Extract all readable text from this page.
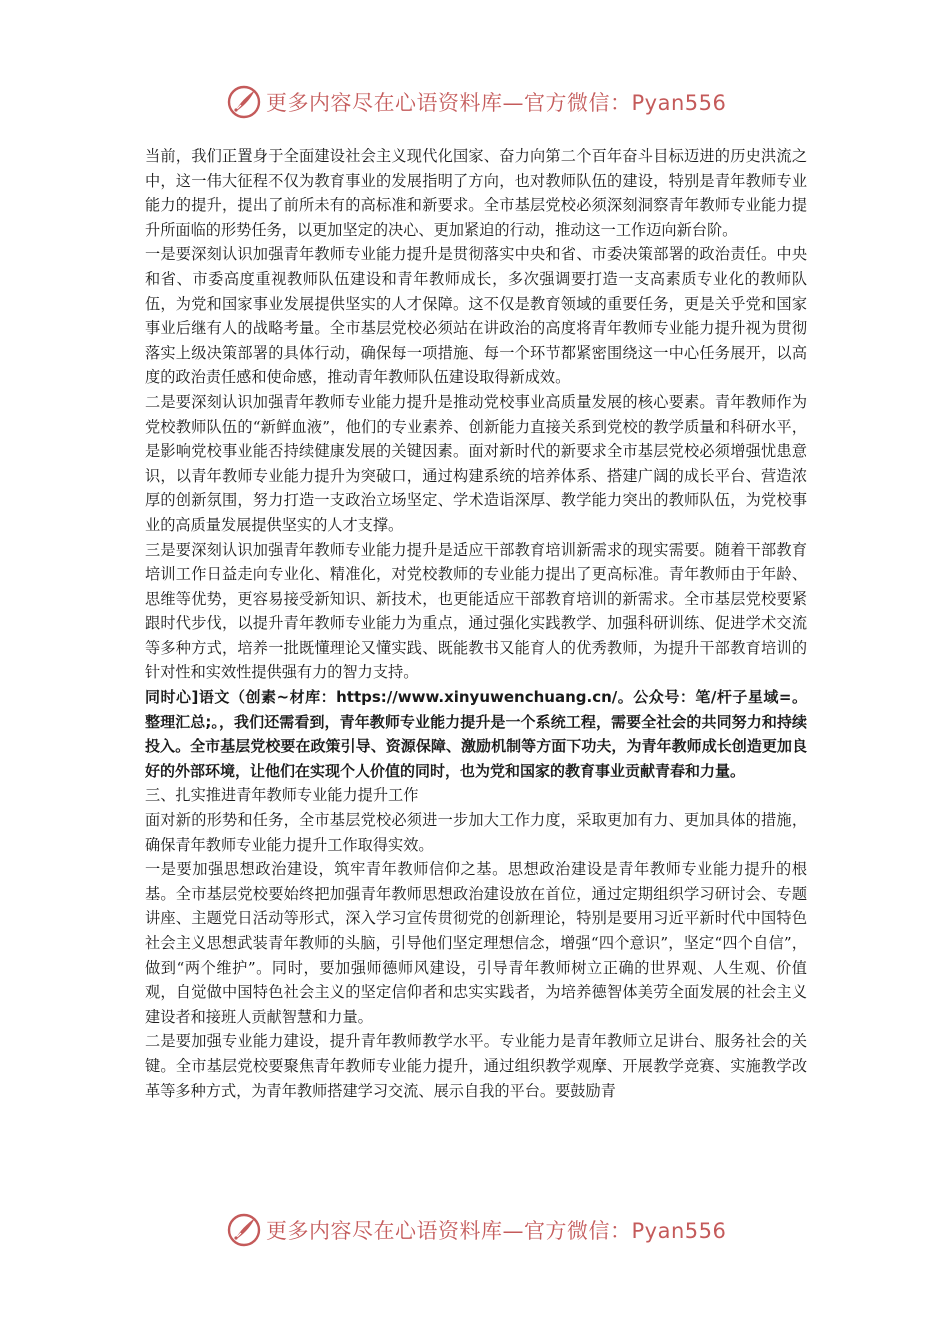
更多内容尽在心语资料库—官方微信：Pyan556

当前，我们正置身于全面建设社会主义现代化国家、奋力向第二个百年奋斗目标迈进的历史洪流之中，这一伟大征程不仅为教育事业的发展指明了方向，也对教师队伍的建设，特别是青年教师专业能力的提升，提出了前所未有的高标准和新要求。全市基层党校必须深刻洞察青年教师专业能力提升所面临的形势任务，以更加坚定的决心、更加紧迫的行动，推动这一工作迈向新台阶。

一是要深刻认识加强青年教师专业能力提升是贯彻落实中央和省、市委决策部署的政治责任。中央和省、市委高度重视教师队伍建设和青年教师成长，多次强调要打造一支高素质专业化的教师队伍，为党和国家事业发展提供坚实的人才保障。这不仅是教育领域的重要任务，更是关乎党和国家事业后继有人的战略考量。全市基层党校必须站在讲政治的高度将青年教师专业能力提升视为贯彻落实上级决策部署的具体行动，确保每一项措施、每一个环节都紧密围绕这一中心任务展开，以高度的政治责任感和使命感，推动青年教师队伍建设取得新成效。

二是要深刻认识加强青年教师专业能力提升是推动党校事业高质量发展的核心要素。青年教师作为党校教师队伍的“新鲜血液”，他们的专业素养、创新能力直接关系到党校的教学质量和科研水平，是影响党校事业能否持续健康发展的关键因素。面对新时代的新要求全市基层党校必须增强忧患意识，以青年教师专业能力提升为突破口，通过构建系统的培养体系、搭建广阔的成长平台、营造浓厚的创新氛围，努力打造一支政治立场坚定、学术造诣深厚、教学能力突出的教师队伍，为党校事业的高质量发展提供坚实的人才支撑。

三是要深刻认识加强青年教师专业能力提升是适应干部教育培训新需求的现实需要。随着干部教育培训工作日益走向专业化、精准化，对党校教师的专业能力提出了更高标准。青年教师由于年龄、思维等优势，更容易接受新知识、新技术，也更能适应干部教育培训的新需求。全市基层党校要紧跟时代步伐，以提升青年教师专业能力为重点，通过强化实践教学、加强科研训练、促进学术交流等多种方式，培养一批既懂理论又懂实践、既能教书又能育人的优秀教师，为提升干部教育培训的针对性和实效性提供强有力的智力支持。

同时心]语文（创素~材库：https://www.xinyuwenchuang.cn/。公众号：笔/杆子星域=。整理汇总;。，我们还需看到，青年教师专业能力提升是一个系统工程，需要全社会的共同努力和持续投入。全市基层党校要在政策引导、资源保障、激励机制等方面下功夫，为青年教师成长创造更加良好的外部环境，让他们在实现个人价值的同时，也为党和国家的教育事业贡献青春和力量。

三、扎实推进青年教师专业能力提升工作

面对新的形势和任务，全市基层党校必须进一步加大工作力度，采取更加有力、更加具体的措施，确保青年教师专业能力提升工作取得实效。

一是要加强思想政治建设，筑牢青年教师信仰之基。思想政治建设是青年教师专业能力提升的根基。全市基层党校要始终把加强青年教师思想政治建设放在首位，通过定期组织学习研讨会、专题讲座、主题党日活动等形式，深入学习宣传贯彻党的创新理论，特别是要用习近平新时代中国特色社会主义思想武装青年教师的头脑，引导他们坚定理想信念，增强“四个意识”，坚定“四个自信”，做到“两个维护”。同时，要加强师德师风建设，引导青年教师树立正确的世界观、人生观、价值观，自觉做中国特色社会主义的坚定信仰者和忠实实践者，为培养德智体美劳全面发展的社会主义建设者和接班人贡献智慧和力量。

二是要加强专业能力建设，提升青年教师教学水平。专业能力是青年教师立足讲台、服务社会的关键。全市基层党校要聚焦青年教师专业能力提升，通过组织教学观摩、开展教学竞赛、实施教学改革等多种方式，为青年教师搭建学习交流、展示自我的平台。要鼓励青

更多内容尽在心语资料库—官方微信：Pyan556
